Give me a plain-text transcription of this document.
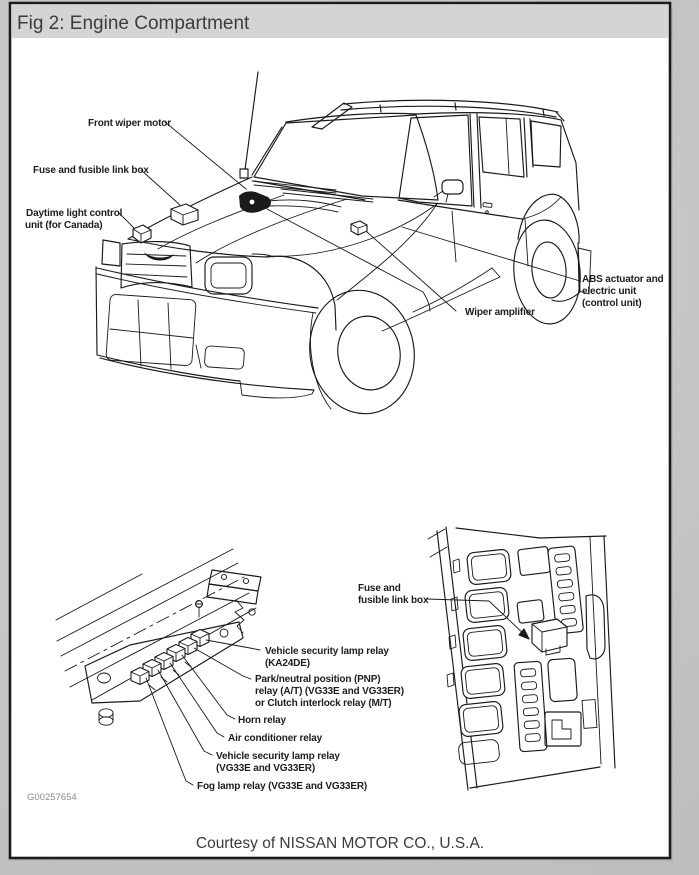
Fig 2: Engine Compartment
Front wiper motor
Fuse and fusible link box
Daytime light control
unit (for Canada)
ABS actuator and
electric unit
(control unit)
Wiper amplifier
Vehicle security lamp relay
(KA24DE)
Park/neutral position (PNP)
relay (A/T) (VG33E and VG33ER)
or Clutch interlock relay (M/T)
Horn relay
Air conditioner relay
Vehicle security lamp relay
(VG33E and VG33ER)
Fog lamp relay (VG33E and VG33ER)
Fuse and
fusible link box
G00257654
Courtesy of NISSAN MOTOR CO., U.S.A.
